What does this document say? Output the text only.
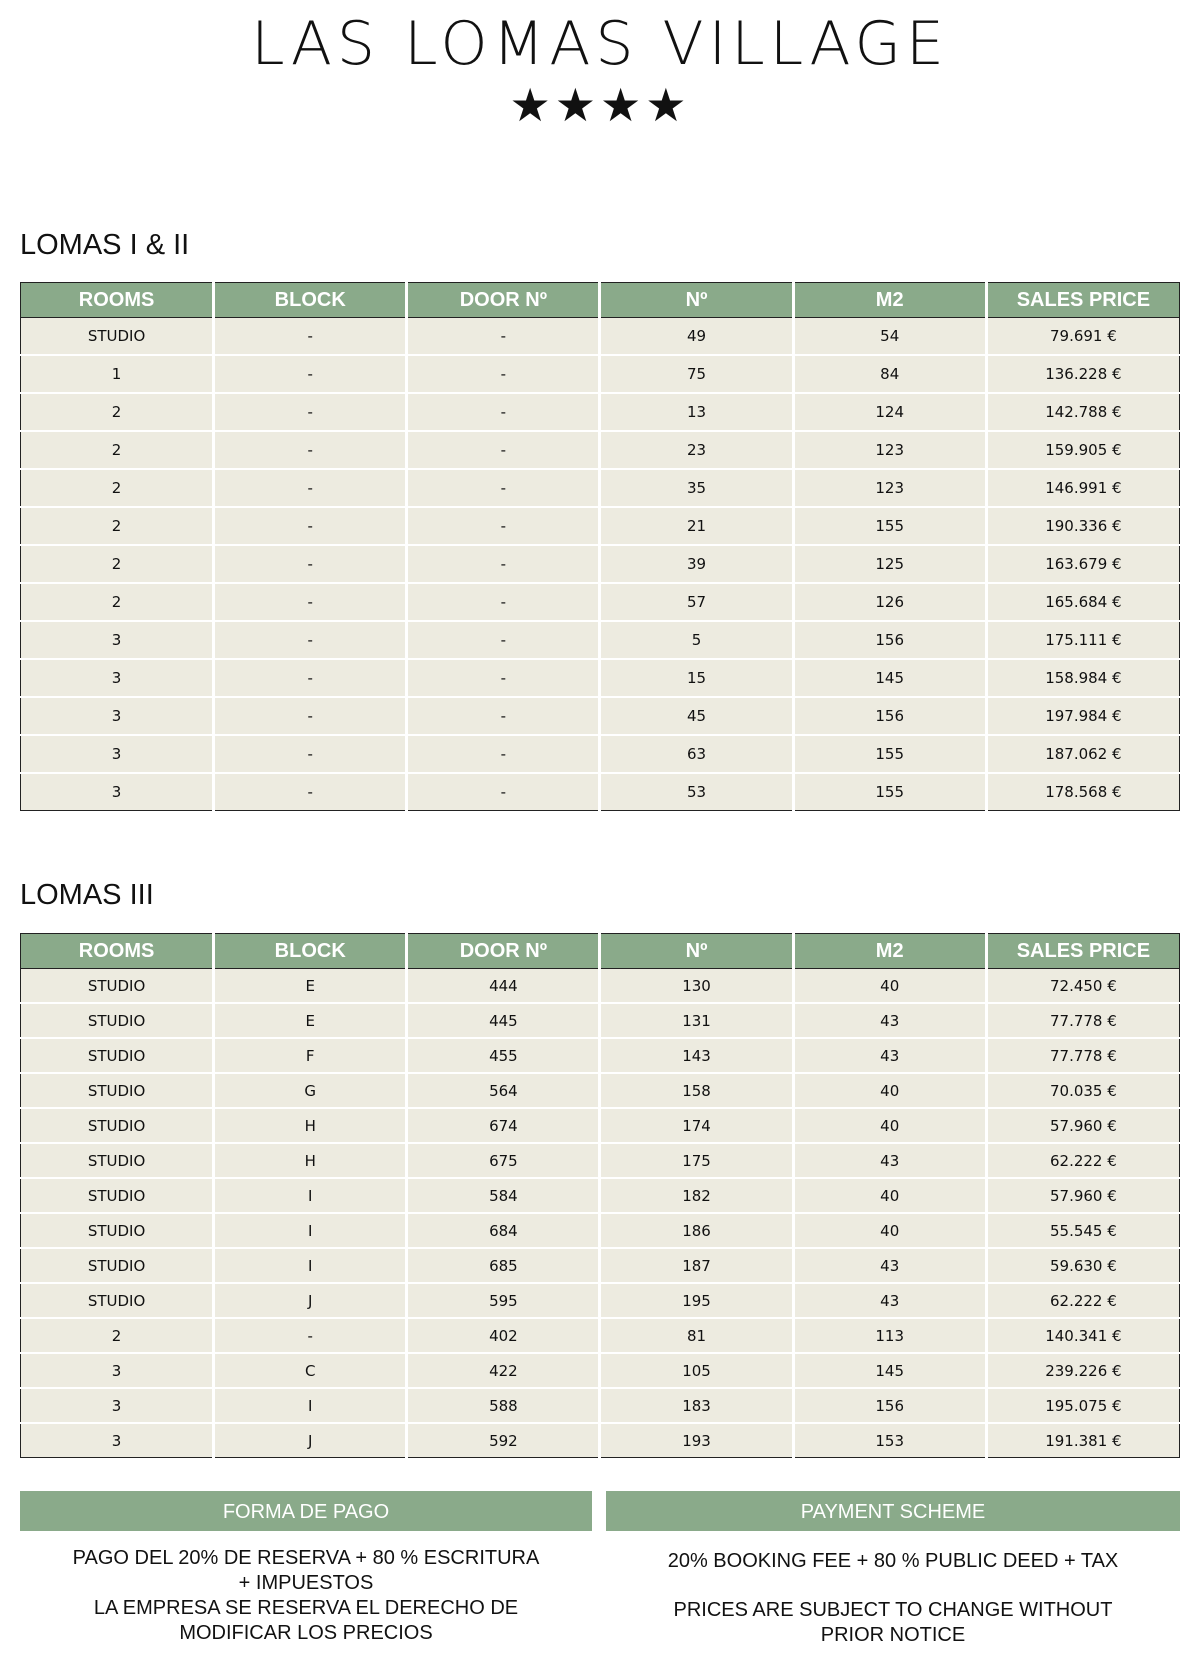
LAS LOMAS VILLAGE
★★★★
LOMAS I & II
ROOMS	BLOCK	DOOR Nº	Nº	M2	SALES PRICE
STUDIO	-	-	49	54	79.691 €
1	-	-	75	84	136.228 €
2	-	-	13	124	142.788 €
2	-	-	23	123	159.905 €
2	-	-	35	123	146.991 €
2	-	-	21	155	190.336 €
2	-	-	39	125	163.679 €
2	-	-	57	126	165.684 €
3	-	-	5	156	175.111 €
3	-	-	15	145	158.984 €
3	-	-	45	156	197.984 €
3	-	-	63	155	187.062 €
3	-	-	53	155	178.568 €
LOMAS III
ROOMS	BLOCK	DOOR Nº	Nº	M2	SALES PRICE
STUDIO	E	444	130	40	72.450 €
STUDIO	E	445	131	43	77.778 €
STUDIO	F	455	143	43	77.778 €
STUDIO	G	564	158	40	70.035 €
STUDIO	H	674	174	40	57.960 €
STUDIO	H	675	175	43	62.222 €
STUDIO	I	584	182	40	57.960 €
STUDIO	I	684	186	40	55.545 €
STUDIO	I	685	187	43	59.630 €
STUDIO	J	595	195	43	62.222 €
2	-	402	81	113	140.341 €
3	C	422	105	145	239.226 €
3	I	588	183	156	195.075 €
3	J	592	193	153	191.381 €
FORMA DE PAGO
PAGO DEL 20% DE RESERVA + 80 % ESCRITURA
+ IMPUESTOS
LA EMPRESA SE RESERVA EL DERECHO DE
MODIFICAR LOS PRECIOS
PAYMENT SCHEME
20% BOOKING FEE + 80 % PUBLIC DEED + TAX
PRICES ARE SUBJECT TO CHANGE WITHOUT
PRIOR NOTICE
